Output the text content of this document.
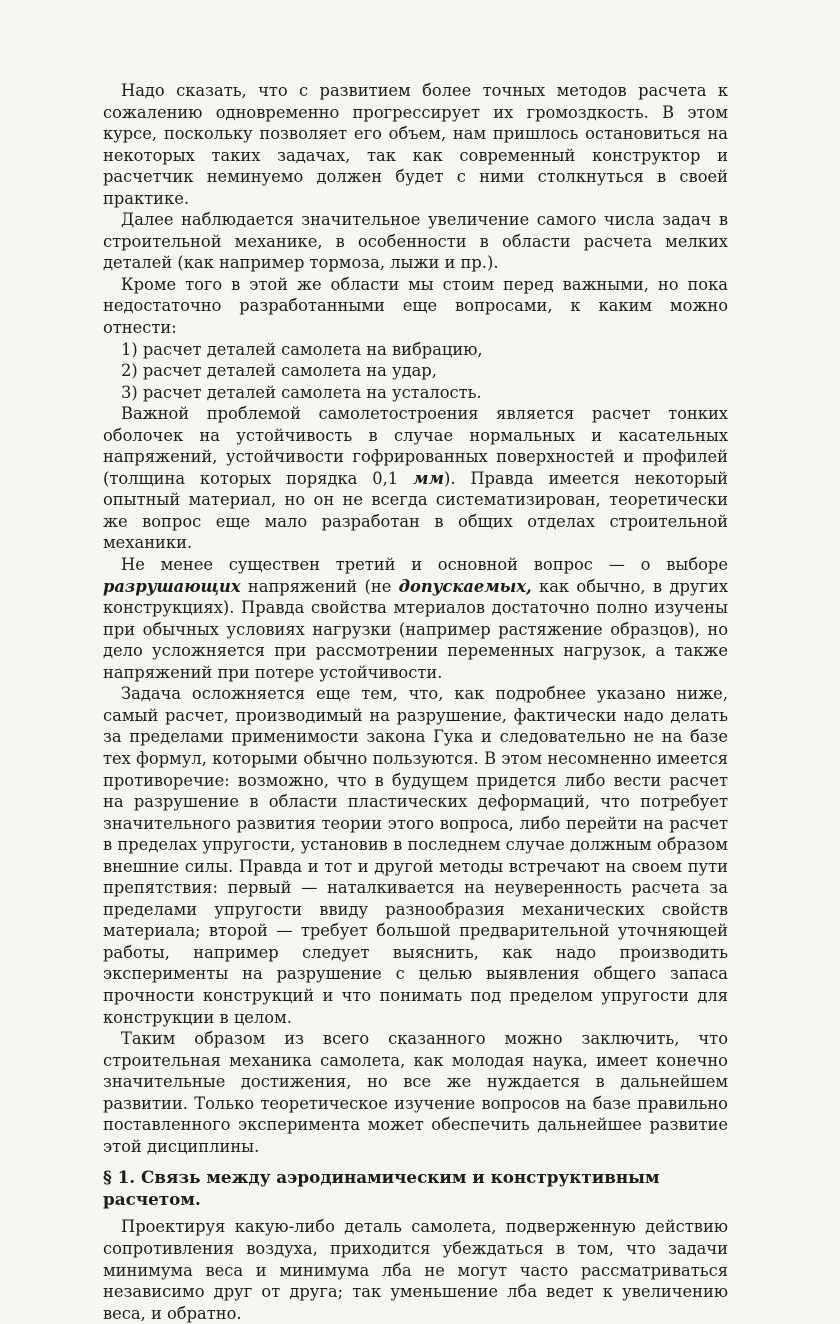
Надо сказать, что с развитием более точных методов расчета к сожалению одновременно прогрессирует их громоздкость. В этом курсе, поскольку позволяет его объем, нам пришлось остановиться на некоторых таких задачах, так как современный конструктор и расчетчик неминуемо должен будет с ними столкнуться в своей практике.

Далее наблюдается значительное увеличение самого числа задач в строительной механике, в особенности в области расчета мелких деталей (как например тормоза, лыжи и пр.).

Кроме того в этой же области мы стоим перед важными, но пока недостаточно разработанными еще вопросами, к каким можно отнести:

1) расчет деталей самолета на вибрацию,

2) расчет деталей самолета на удар,

3) расчет деталей самолета на усталость.

Важной проблемой самолетостроения является расчет тонких оболочек на устойчивость в случае нормальных и касательных напряжений, устойчивости гофрированных поверхностей и профилей (толщина которых порядка 0,1 мм). Правда имеется некоторый опытный материал, но он не всегда систематизирован, теоретически же вопрос еще мало разработан в общих отделах строительной механики.

Не менее существен третий и основной вопрос — о выборе разрушающих напряжений (не допускаемых, как обычно, в других конструкциях). Правда свойства мтериалов достаточно полно изучены при обычных условиях нагрузки (например растяжение образцов), но дело усложняется при рассмотрении переменных нагрузок, а также напряжений при потере устойчивости.

Задача осложняется еще тем, что, как подробнее указано ниже, самый расчет, производимый на разрушение, фактически надо делать за пределами применимости закона Гука и следовательно не на базе тех формул, которыми обычно пользуются. В этом несомненно имеется противоречие: возможно, что в будущем придется либо вести расчет на разрушение в области пластических деформаций, что потребует значительного развития теории этого вопроса, либо перейти на расчет в пределах упругости, установив в последнем случае должным образом внешние силы. Правда и тот и другой методы встречают на своем пути препятствия: первый — наталкивается на неуверенность расчета за пределами упругости ввиду разнообразия механических свойств материала; второй — требует большой предварительной уточняющей работы, например следует выяснить, как надо производить эксперименты на разрушение с целью выявления общего запаса прочности конструкций и что понимать под пределом упругости для конструкции в целом.

Таким образом из всего сказанного можно заключить, что строительная механика самолета, как молодая наука, имеет конечно значительные достижения, но все же нуждается в дальнейшем развитии. Только теоретическое изучение вопросов на базе правильно поставленного эксперимента может обеспечить дальнейшее развитие этой дисциплины.

§ 1. Связь между аэродинамическим и конструктивным расчетом.

Проектируя какую-либо деталь самолета, подверженную действию сопротивления воздуха, приходится убеждаться в том, что задачи минимума веса и минимума лба не могут часто рассматриваться независимо друг от друга; так уменьшение лба ведет к увеличению веса, и обратно.
